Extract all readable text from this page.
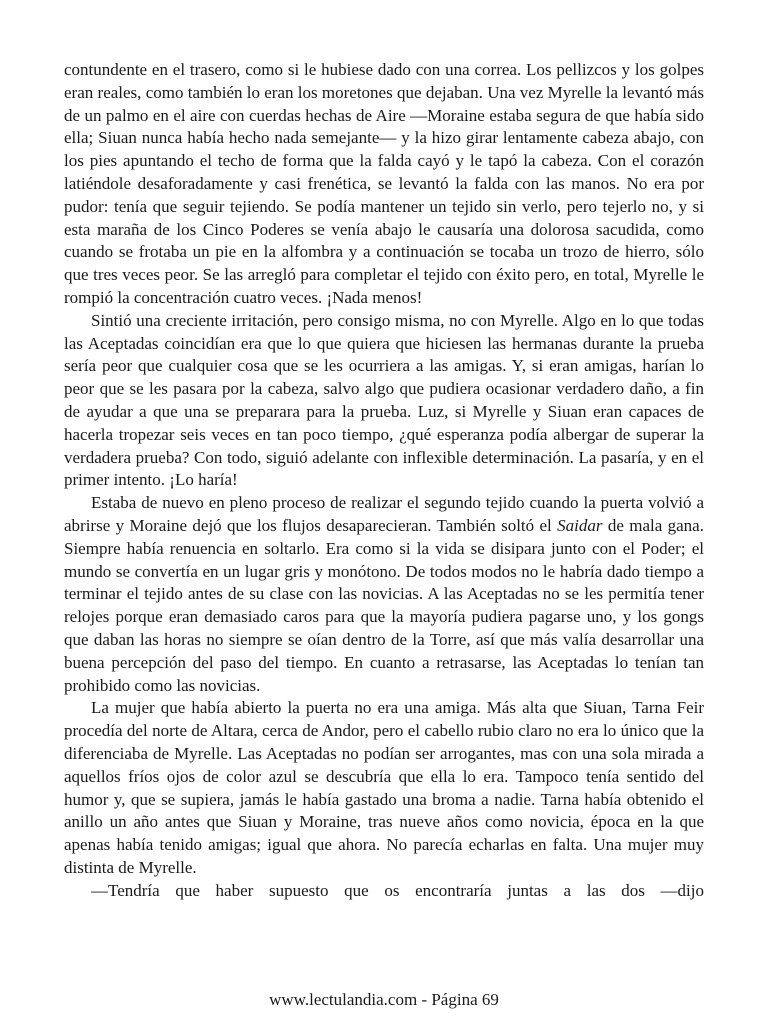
contundente en el trasero, como si le hubiese dado con una correa. Los pellizcos y los golpes eran reales, como también lo eran los moretones que dejaban. Una vez Myrelle la levantó más de un palmo en el aire con cuerdas hechas de Aire —Moraine estaba segura de que había sido ella; Siuan nunca había hecho nada semejante— y la hizo girar lentamente cabeza abajo, con los pies apuntando el techo de forma que la falda cayó y le tapó la cabeza. Con el corazón latiéndole desaforadamente y casi frenética, se levantó la falda con las manos. No era por pudor: tenía que seguir tejiendo. Se podía mantener un tejido sin verlo, pero tejerlo no, y si esta maraña de los Cinco Poderes se venía abajo le causaría una dolorosa sacudida, como cuando se frotaba un pie en la alfombra y a continuación se tocaba un trozo de hierro, sólo que tres veces peor. Se las arregló para completar el tejido con éxito pero, en total, Myrelle le rompió la concentración cuatro veces. ¡Nada menos!

Sintió una creciente irritación, pero consigo misma, no con Myrelle. Algo en lo que todas las Aceptadas coincidían era que lo que quiera que hiciesen las hermanas durante la prueba sería peor que cualquier cosa que se les ocurriera a las amigas. Y, si eran amigas, harían lo peor que se les pasara por la cabeza, salvo algo que pudiera ocasionar verdadero daño, a fin de ayudar a que una se preparara para la prueba. Luz, si Myrelle y Siuan eran capaces de hacerla tropezar seis veces en tan poco tiempo, ¿qué esperanza podía albergar de superar la verdadera prueba? Con todo, siguió adelante con inflexible determinación. La pasaría, y en el primer intento. ¡Lo haría!

Estaba de nuevo en pleno proceso de realizar el segundo tejido cuando la puerta volvió a abrirse y Moraine dejó que los flujos desaparecieran. También soltó el Saidar de mala gana. Siempre había renuencia en soltarlo. Era como si la vida se disipara junto con el Poder; el mundo se convertía en un lugar gris y monótono. De todos modos no le habría dado tiempo a terminar el tejido antes de su clase con las novicias. A las Aceptadas no se les permitía tener relojes porque eran demasiado caros para que la mayoría pudiera pagarse uno, y los gongs que daban las horas no siempre se oían dentro de la Torre, así que más valía desarrollar una buena percepción del paso del tiempo. En cuanto a retrasarse, las Aceptadas lo tenían tan prohibido como las novicias.

La mujer que había abierto la puerta no era una amiga. Más alta que Siuan, Tarna Feir procedía del norte de Altara, cerca de Andor, pero el cabello rubio claro no era lo único que la diferenciaba de Myrelle. Las Aceptadas no podían ser arrogantes, mas con una sola mirada a aquellos fríos ojos de color azul se descubría que ella lo era. Tampoco tenía sentido del humor y, que se supiera, jamás le había gastado una broma a nadie. Tarna había obtenido el anillo un año antes que Siuan y Moraine, tras nueve años como novicia, época en la que apenas había tenido amigas; igual que ahora. No parecía echarlas en falta. Una mujer muy distinta de Myrelle.

—Tendría que haber supuesto que os encontraría juntas a las dos —dijo

www.lectulandia.com - Página 69
